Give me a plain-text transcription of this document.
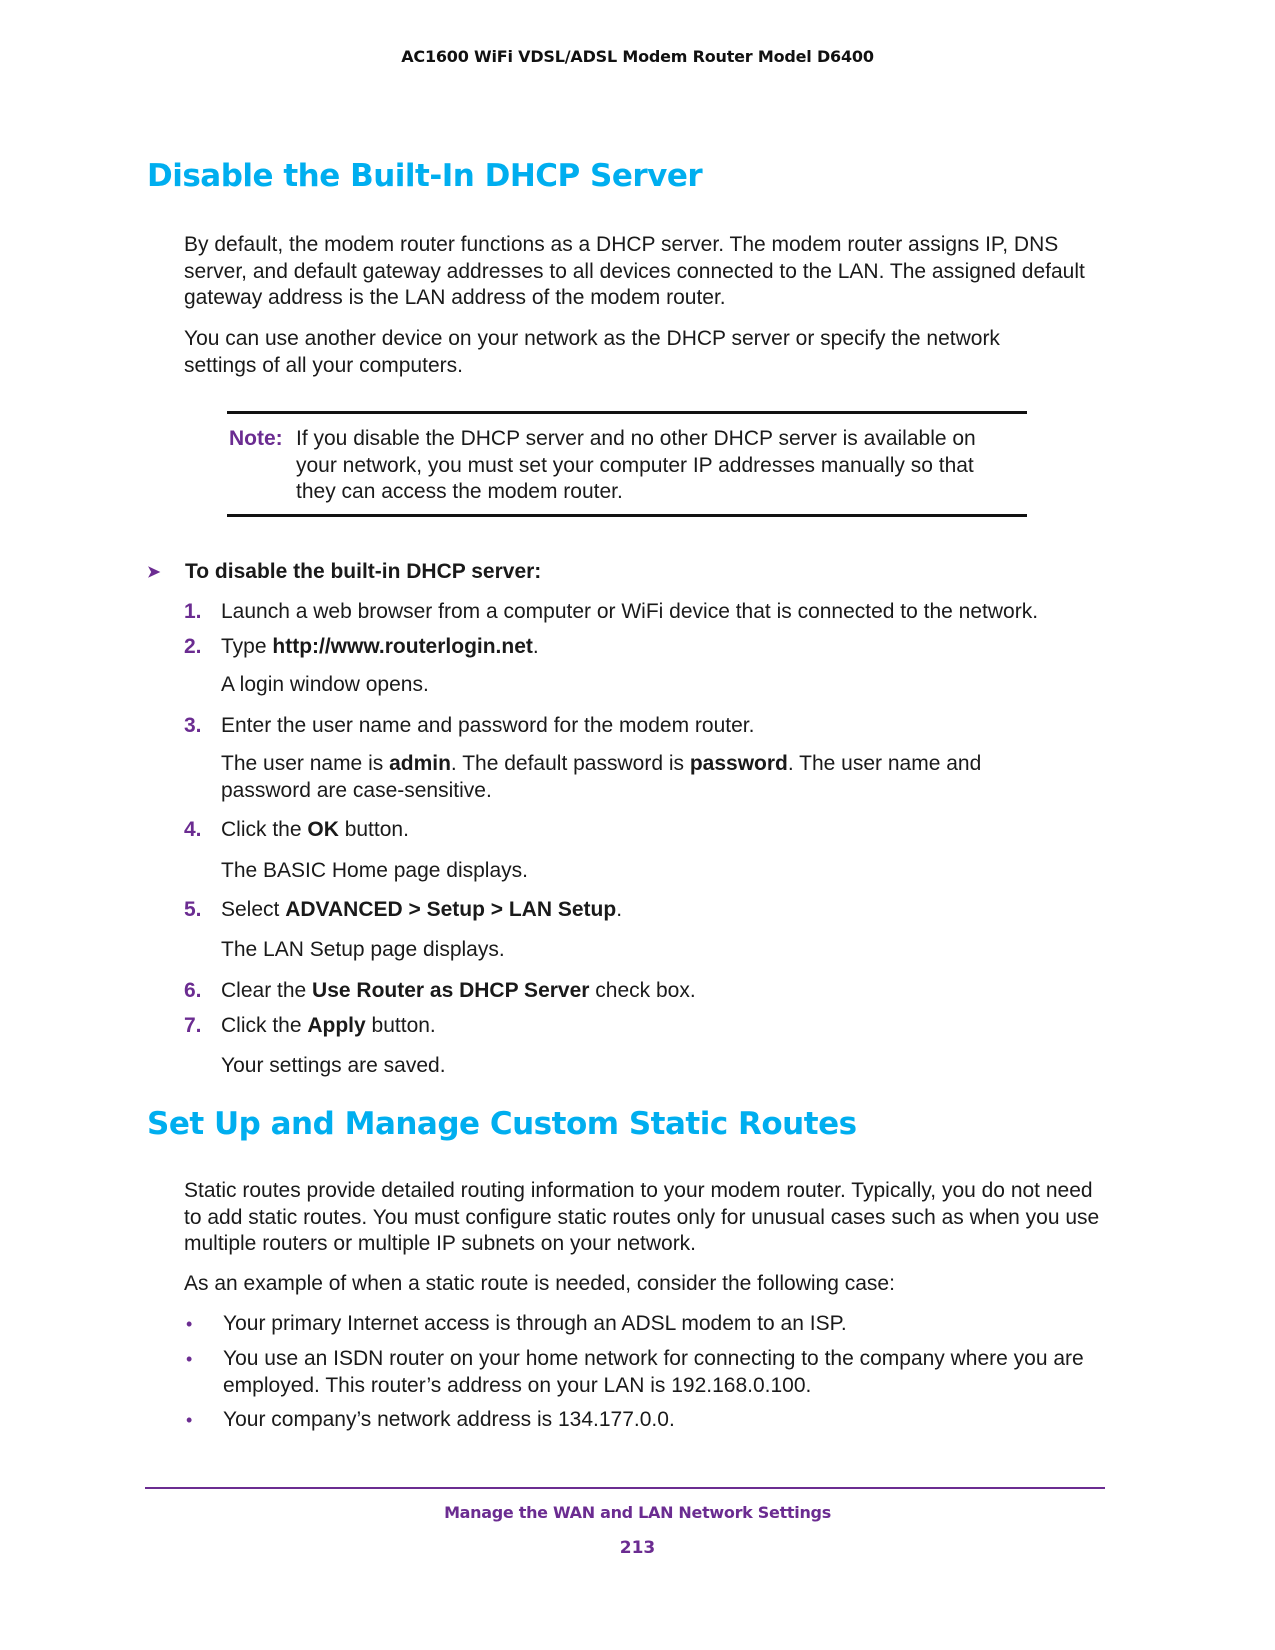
AC1600 WiFi VDSL/ADSL Modem Router Model D6400
Disable the Built-In DHCP Server

By default, the modem router functions as a DHCP server. The modem router assigns IP, DNS server, and default gateway addresses to all devices connected to the LAN. The assigned default gateway address is the LAN address of the modem router.

You can use another device on your network as the DHCP server or specify the network settings of all your computers.

Note: If you disable the DHCP server and no other DHCP server is available on your network, you must set your computer IP addresses manually so that they can access the modem router.
➤	To disable the built-in DHCP server:
1. Launch a web browser from a computer or WiFi device that is connected to the network.
2. Type http://www.routerlogin.net.
A login window opens.
3. Enter the user name and password for the modem router.
The user name is admin. The default password is password. The user name and password are case-sensitive.
4. Click the OK button.
The BASIC Home page displays.
5. Select ADVANCED > Setup > LAN Setup.
The LAN Setup page displays.
6. Clear the Use Router as DHCP Server check box.
7. Click the Apply button.
Your settings are saved.
Set Up and Manage Custom Static Routes

Static routes provide detailed routing information to your modem router. Typically, you do not need to add static routes. You must configure static routes only for unusual cases such as when you use multiple routers or multiple IP subnets on your network.

As an example of when a static route is needed, consider the following case:

•	Your primary Internet access is through an ADSL modem to an ISP.
•	You use an ISDN router on your home network for connecting to the company where you are employed. This router’s address on your LAN is 192.168.0.100.
•	Your company’s network address is 134.177.0.0.
Manage the WAN and LAN Network Settings
213
